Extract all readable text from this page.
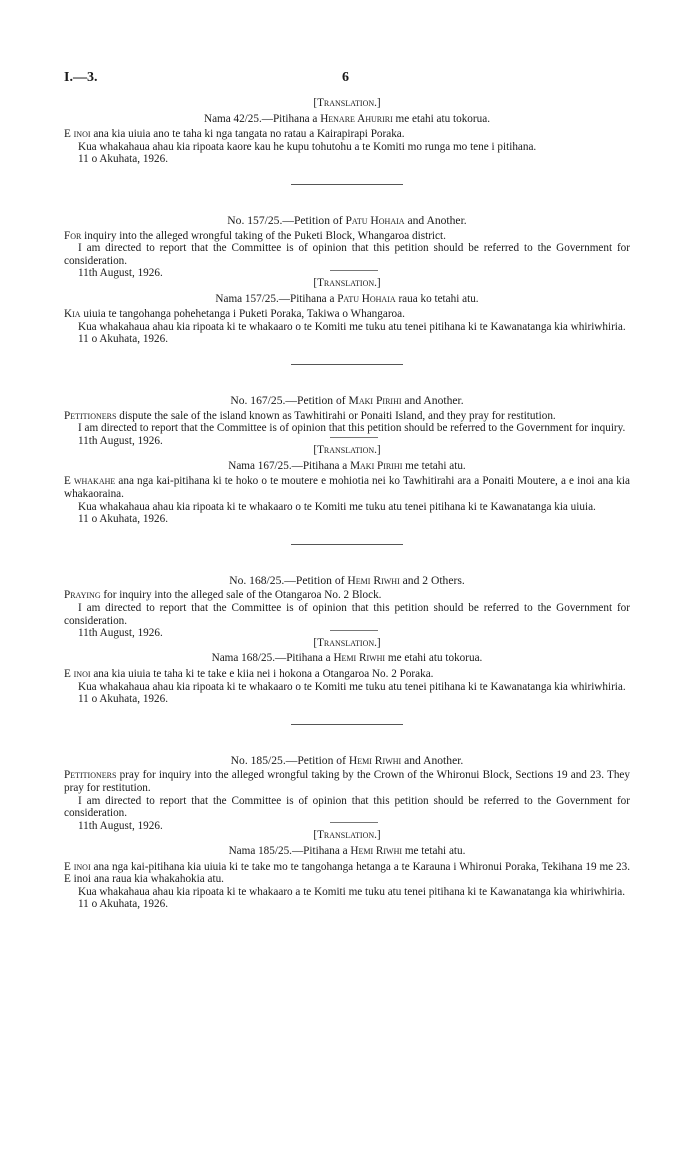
I.—3.	6
[Translation.]
Nama 42/25.—Pitihana a Henare Ahuriri me etahi atu tokorua.

E inoi ana kia uiuia ano te taha ki nga tangata no ratau a Kairapirapi Poraka.

Kua whakahaua ahau kia ripoata kaore kau he kupu tohutohu a te Komiti mo runga mo tene i pitihana.

11 o Akuhata, 1926.
No. 157/25.—Petition of Patu Hohaia and Another.

For inquiry into the alleged wrongful taking of the Puketi Block, Whangaroa district.

I am directed to report that the Committee is of opinion that this petition should be referred to the Government for consideration.

11th August, 1926.
[Translation.]
Nama 157/25.—Pitihana a Patu Hohaia raua ko tetahi atu.

Kia uiuia te tangohanga pohehetanga i Puketi Poraka, Takiwa o Whangaroa.

Kua whakahaua ahau kia ripoata ki te whakaaro o te Komiti me tuku atu tenei pitihana ki te Kawanatanga kia whiriwhiria.

11 o Akuhata, 1926.
No. 167/25.—Petition of Maki Pirihi and Another.

Petitioners dispute the sale of the island known as Tawhitirahi or Ponaiti Island, and they pray for restitution.

I am directed to report that the Committee is of opinion that this petition should be referred to the Government for inquiry.

11th August, 1926.
[Translation.]
Nama 167/25.—Pitihana a Maki Pirihi me tetahi atu.

E whakahe ana nga kai-pitihana ki te hoko o te moutere e mohiotia nei ko Tawhitirahi ara a Ponaiti Moutere, a e inoi ana kia whakaoraina.

Kua whakahaua ahau kia ripoata ki te whakaaro o te Komiti me tuku atu tenei pitihana ki te Kawanatanga kia uiuia.

11 o Akuhata, 1926.
No. 168/25.—Petition of Hemi Riwhi and 2 Others.

Praying for inquiry into the alleged sale of the Otangaroa No. 2 Block.

I am directed to report that the Committee is of opinion that this petition should be referred to the Government for consideration.

11th August, 1926.
[Translation.]
Nama 168/25.—Pitihana a Hemi Riwhi me etahi atu tokorua.

E inoi ana kia uiuia te taha ki te take e kiia nei i hokona a Otangaroa No. 2 Poraka.

Kua whakahaua ahau kia ripoata ki te whakaaro o te Komiti me tuku atu tenei pitihana ki te Kawanatanga kia whiriwhiria.

11 o Akuhata, 1926.
No. 185/25.—Petition of Hemi Riwhi and Another.

Petitioners pray for inquiry into the alleged wrongful taking by the Crown of the Whironui Block, Sections 19 and 23. They pray for restitution.

I am directed to report that the Committee is of opinion that this petition should be referred to the Government for consideration.

11th August, 1926.
[Translation.]
Nama 185/25.—Pitihana a Hemi Riwhi me tetahi atu.

E inoi ana nga kai-pitihana kia uiuia ki te take mo te tangohanga hetanga a te Karauna i Whironui Poraka, Tekihana 19 me 23. E inoi ana raua kia whakahokia atu.

Kua whakahaua ahau kia ripoata ki te whakaaro a te Komiti me tuku atu tenei pitihana ki te Kawanatanga kia whiriwhiria.

11 o Akuhata, 1926.
